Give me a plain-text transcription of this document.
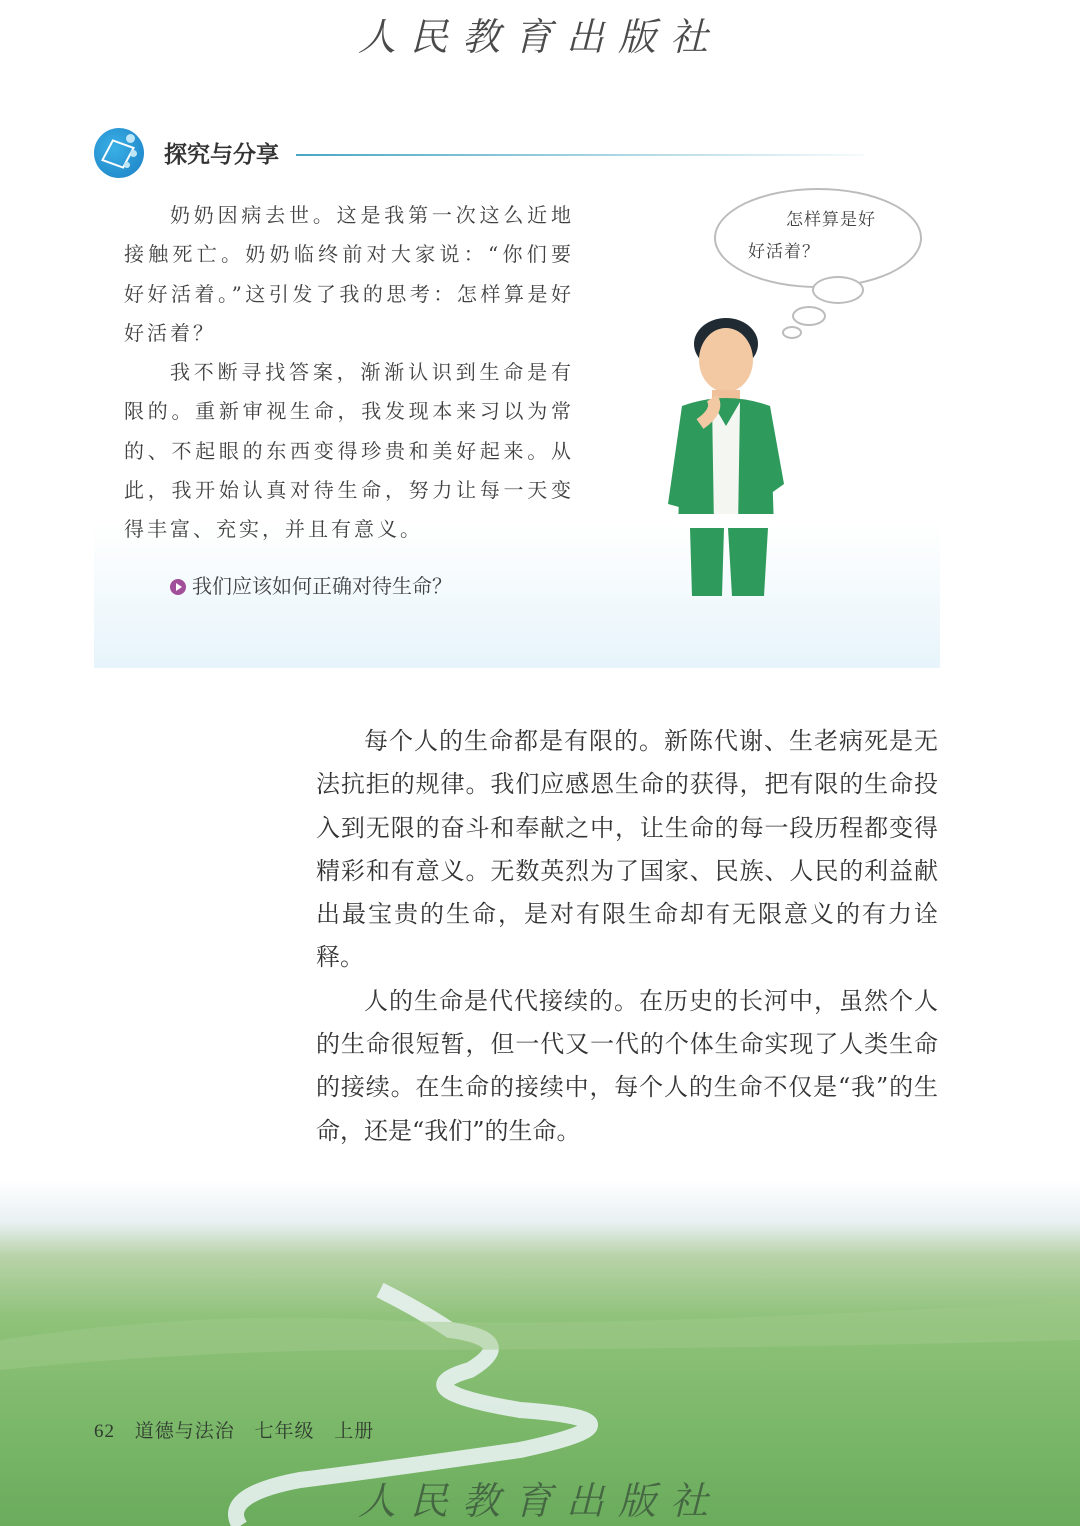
人民教育出版社
探究与分享

奶奶因病去世。这是我第一次这么近地接触死亡。奶奶临终前对大家说：“你们要好好活着。”这引发了我的思考：怎样算是好好活着？

我不断寻找答案，渐渐认识到生命是有限的。重新审视生命，我发现本来习以为常的、不起眼的东西变得珍贵和美好起来。从此，我开始认真对待生命，努力让每一天变得丰富、充实，并且有意义。

我们应该如何正确对待生命？
怎样算是好
好活着？

每个人的生命都是有限的。新陈代谢、生老病死是无法抗拒的规律。我们应感恩生命的获得，把有限的生命投入到无限的奋斗和奉献之中，让生命的每一段历程都变得精彩和有意义。无数英烈为了国家、民族、人民的利益献出最宝贵的生命，是对有限生命却有无限意义的有力诠释。

人的生命是代代接续的。在历史的长河中，虽然个人的生命很短暂，但一代又一代的个体生命实现了人类生命的接续。在生命的接续中，每个人的生命不仅是“我”的生命，还是“我们”的生命。

62 道德与法治 七年级 上册
人民教育出版社
